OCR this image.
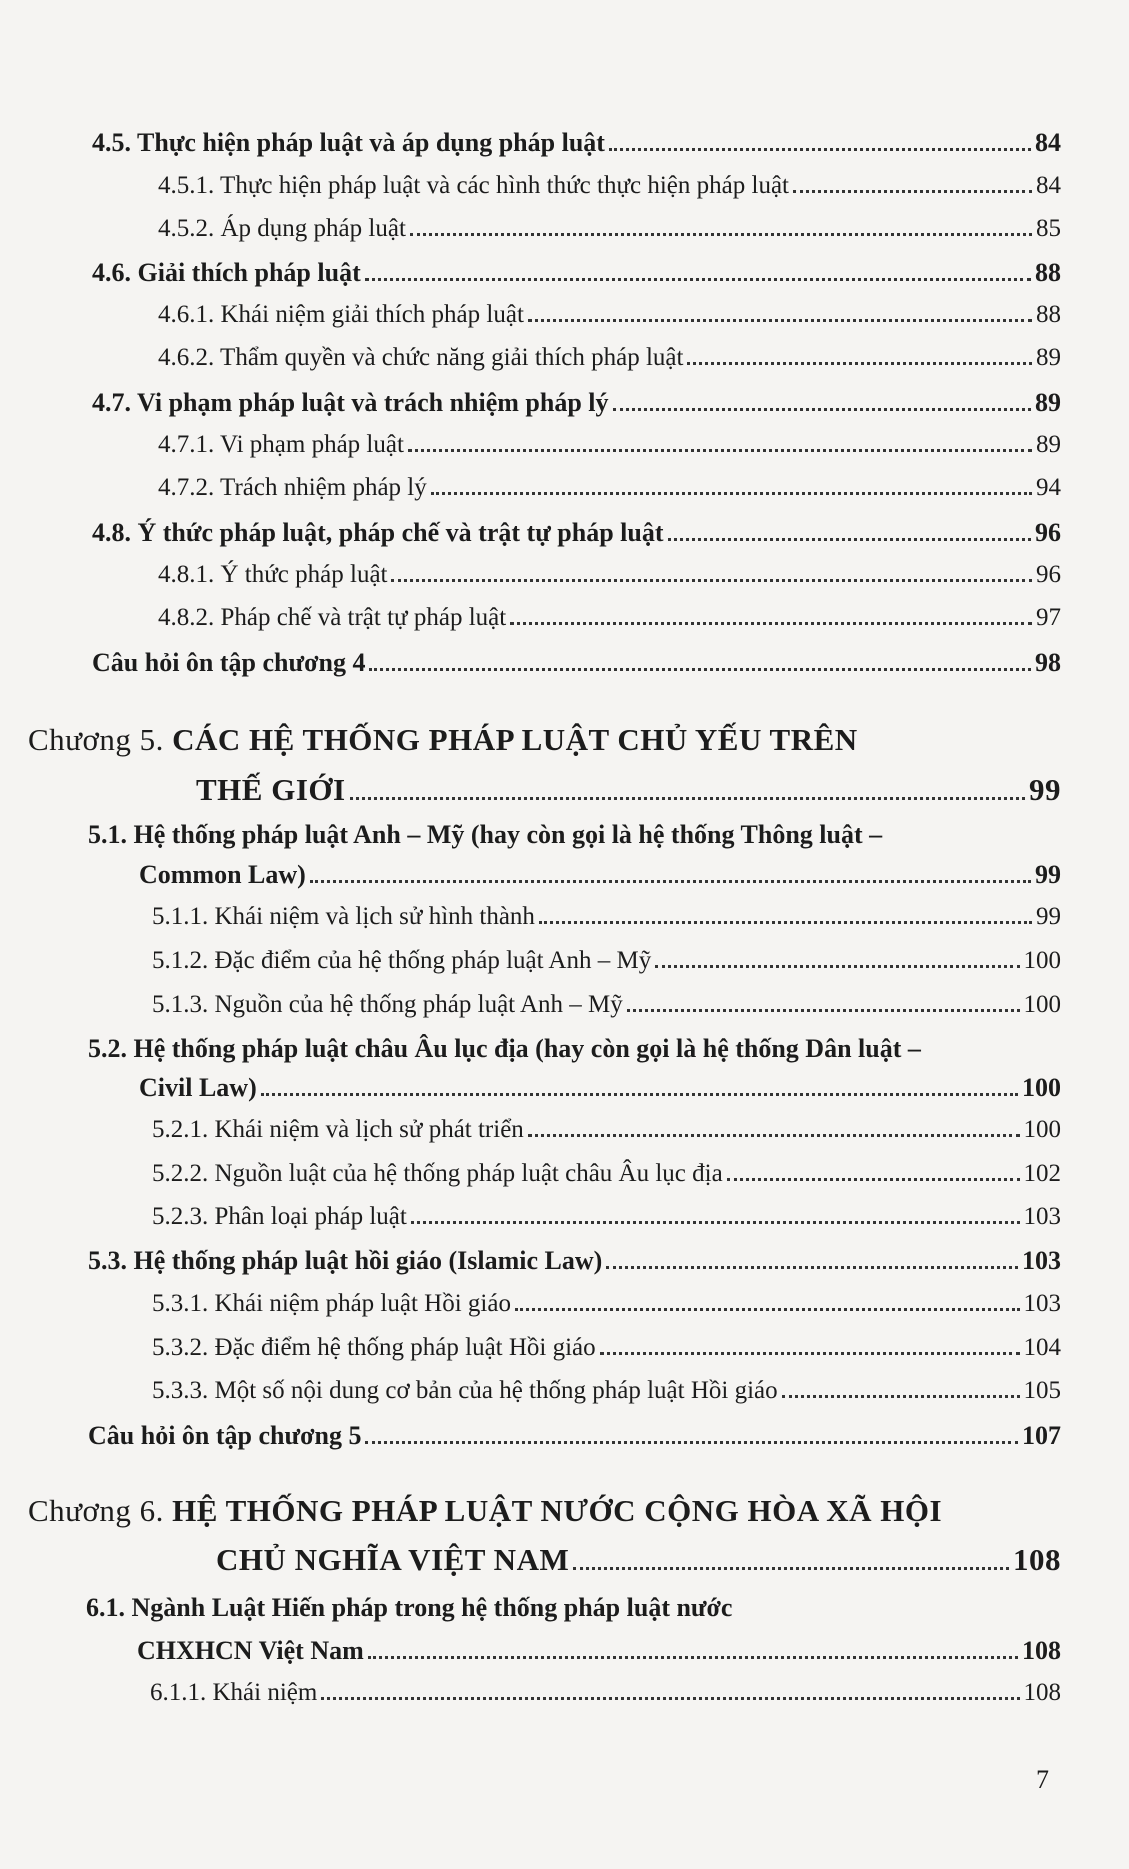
4.5. Thực hiện pháp luật và áp dụng pháp luật	84
4.5.1. Thực hiện pháp luật và các hình thức thực hiện pháp luật	84
4.5.2. Áp dụng pháp luật	85
4.6. Giải thích pháp luật	88
4.6.1. Khái niệm giải thích pháp luật	88
4.6.2. Thẩm quyền và chức năng giải thích pháp luật	89
4.7. Vi phạm pháp luật và trách nhiệm pháp lý	89
4.7.1. Vi phạm pháp luật	89
4.7.2. Trách nhiệm pháp lý	94
4.8. Ý thức pháp luật, pháp chế và trật tự pháp luật	96
4.8.1. Ý thức pháp luật	96
4.8.2. Pháp chế và trật tự pháp luật	97
Câu hỏi ôn tập chương 4	98
Chương 5. CÁC HỆ THỐNG PHÁP LUẬT CHỦ YẾU TRÊN
THẾ GIỚI	99
5.1. Hệ thống pháp luật Anh – Mỹ (hay còn gọi là hệ thống Thông luật –
Common Law)	99
5.1.1. Khái niệm và lịch sử hình thành	99
5.1.2. Đặc điểm của hệ thống pháp luật Anh – Mỹ	100
5.1.3. Nguồn của hệ thống pháp luật Anh – Mỹ	100
5.2. Hệ thống pháp luật châu Âu lục địa (hay còn gọi là hệ thống Dân luật –
Civil Law)	100
5.2.1. Khái niệm và lịch sử phát triển	100
5.2.2. Nguồn luật của hệ thống pháp luật châu Âu lục địa	102
5.2.3. Phân loại pháp luật	103
5.3. Hệ thống pháp luật hồi giáo (Islamic Law)	103
5.3.1. Khái niệm pháp luật Hồi giáo	103
5.3.2. Đặc điểm hệ thống pháp luật Hồi giáo	104
5.3.3. Một số nội dung cơ bản của hệ thống pháp luật Hồi giáo	105
Câu hỏi ôn tập chương 5	107
Chương 6. HỆ THỐNG PHÁP LUẬT NƯỚC CỘNG HÒA XÃ HỘI
CHỦ NGHĨA VIỆT NAM	108
6.1. Ngành Luật Hiến pháp trong hệ thống pháp luật nước
CHXHCN Việt Nam	108
6.1.1. Khái niệm	108
7
